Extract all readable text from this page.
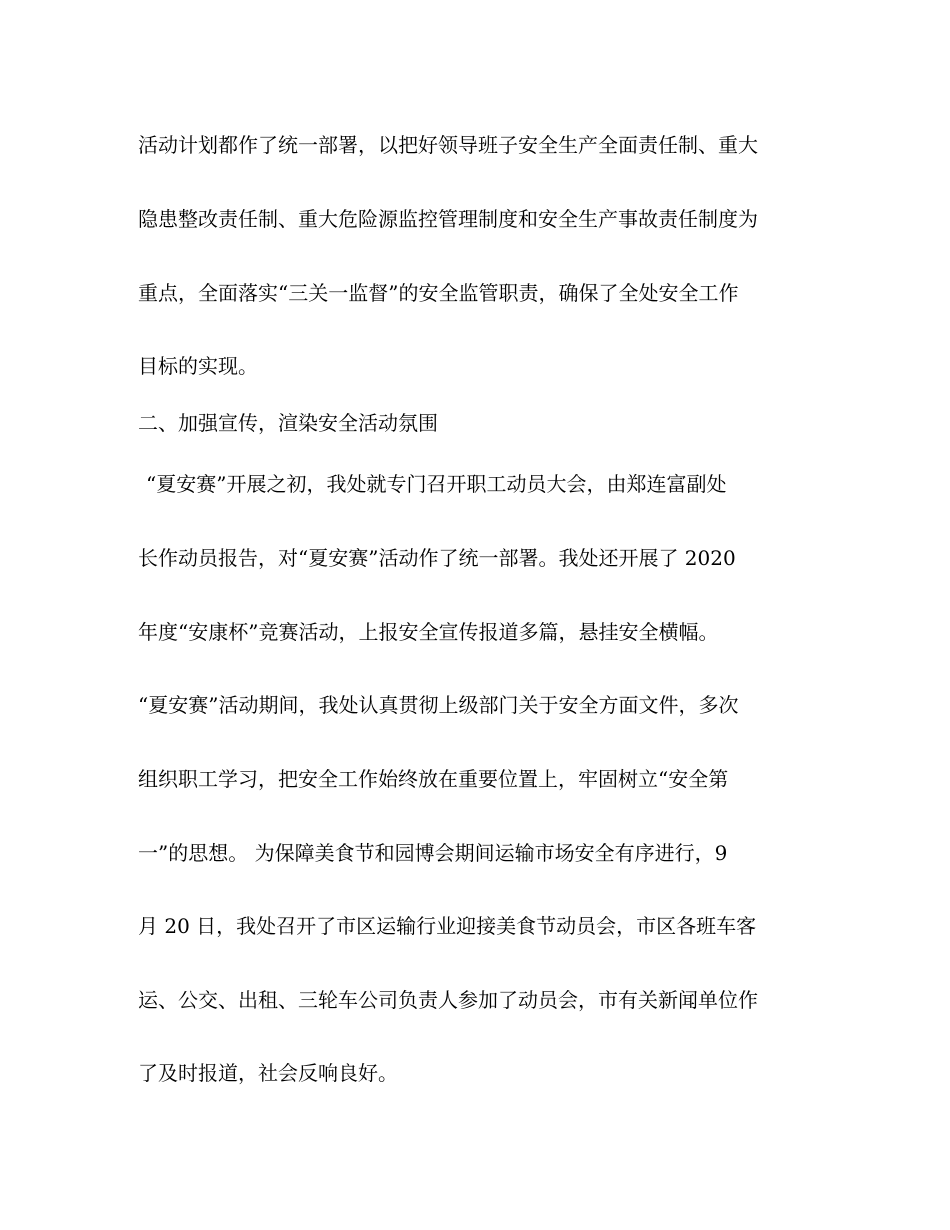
活动计划都作了统一部署，以把好领导班子安全生产全面责任制、重大
隐患整改责任制、重大危险源监控管理制度和安全生产事故责任制度为
重点，全面落实“三关一监督”的安全监管职责，确保了全处安全工作
目标的实现。
二、加强宣传，渲染安全活动氛围
“夏安赛”开展之初，我处就专门召开职工动员大会，由郑连富副处
长作动员报告，对“夏安赛”活动作了统一部署。我处还开展了 2020
年度“安康杯”竞赛活动，上报安全宣传报道多篇，悬挂安全横幅。
“夏安赛”活动期间，我处认真贯彻上级部门关于安全方面文件，多次
组织职工学习，把安全工作始终放在重要位置上，牢固树立“安全第
一”的思想。 为保障美食节和园博会期间运输市场安全有序进行，9
月 20 日，我处召开了市区运输行业迎接美食节动员会，市区各班车客
运、公交、出租、三轮车公司负责人参加了动员会，市有关新闻单位作
了及时报道，社会反响良好。
